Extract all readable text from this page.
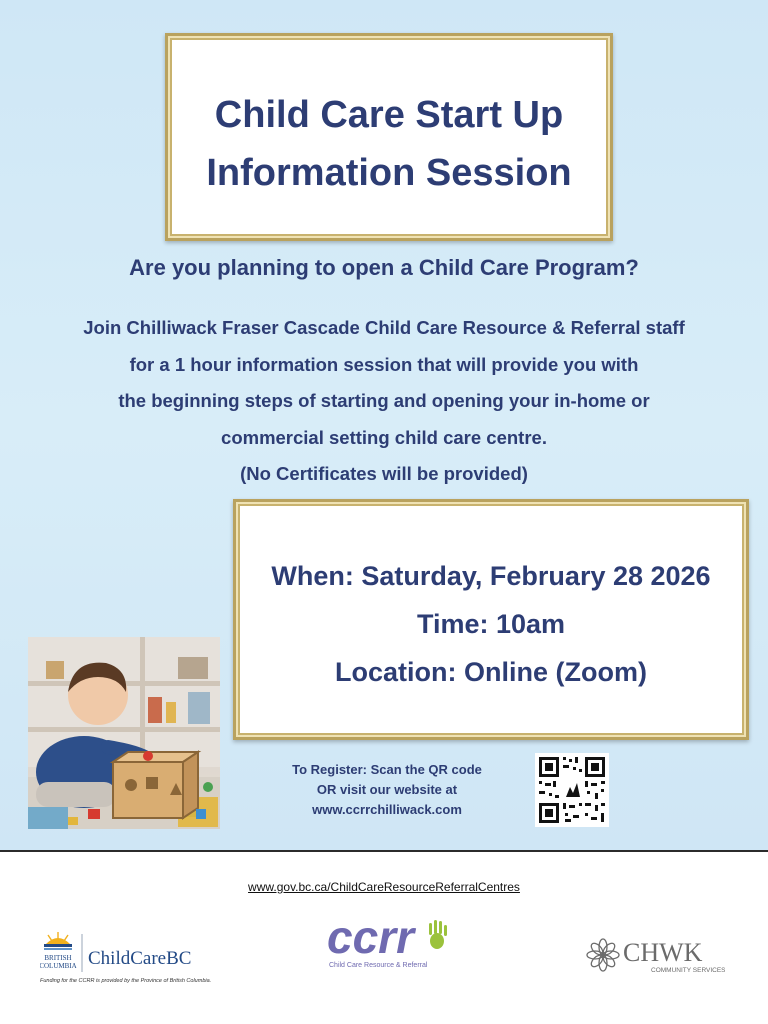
Child Care Start Up
Information Session
Are you planning to open a Child Care Program?
Join Chilliwack Fraser Cascade Child Care Resource & Referral staff
for a 1 hour information session that will provide you with
the beginning steps of starting and opening your in-home or
commercial setting child care centre.
(No Certificates will be provided)
When: Saturday, February 28 2026
Time: 10am
Location: Online (Zoom)
To Register: Scan the QR code
OR visit our website at
www.ccrrchilliwack.com
www.gov.bc.ca/ChildCareResourceReferralCentres
BRITISH
COLUMBIA ChildCareBC
Funding for the CCRR is provided by the Province of British Columbia.
ccrr
Child Care Resource & Referral	CHWK
COMMUNITY SERVICES
